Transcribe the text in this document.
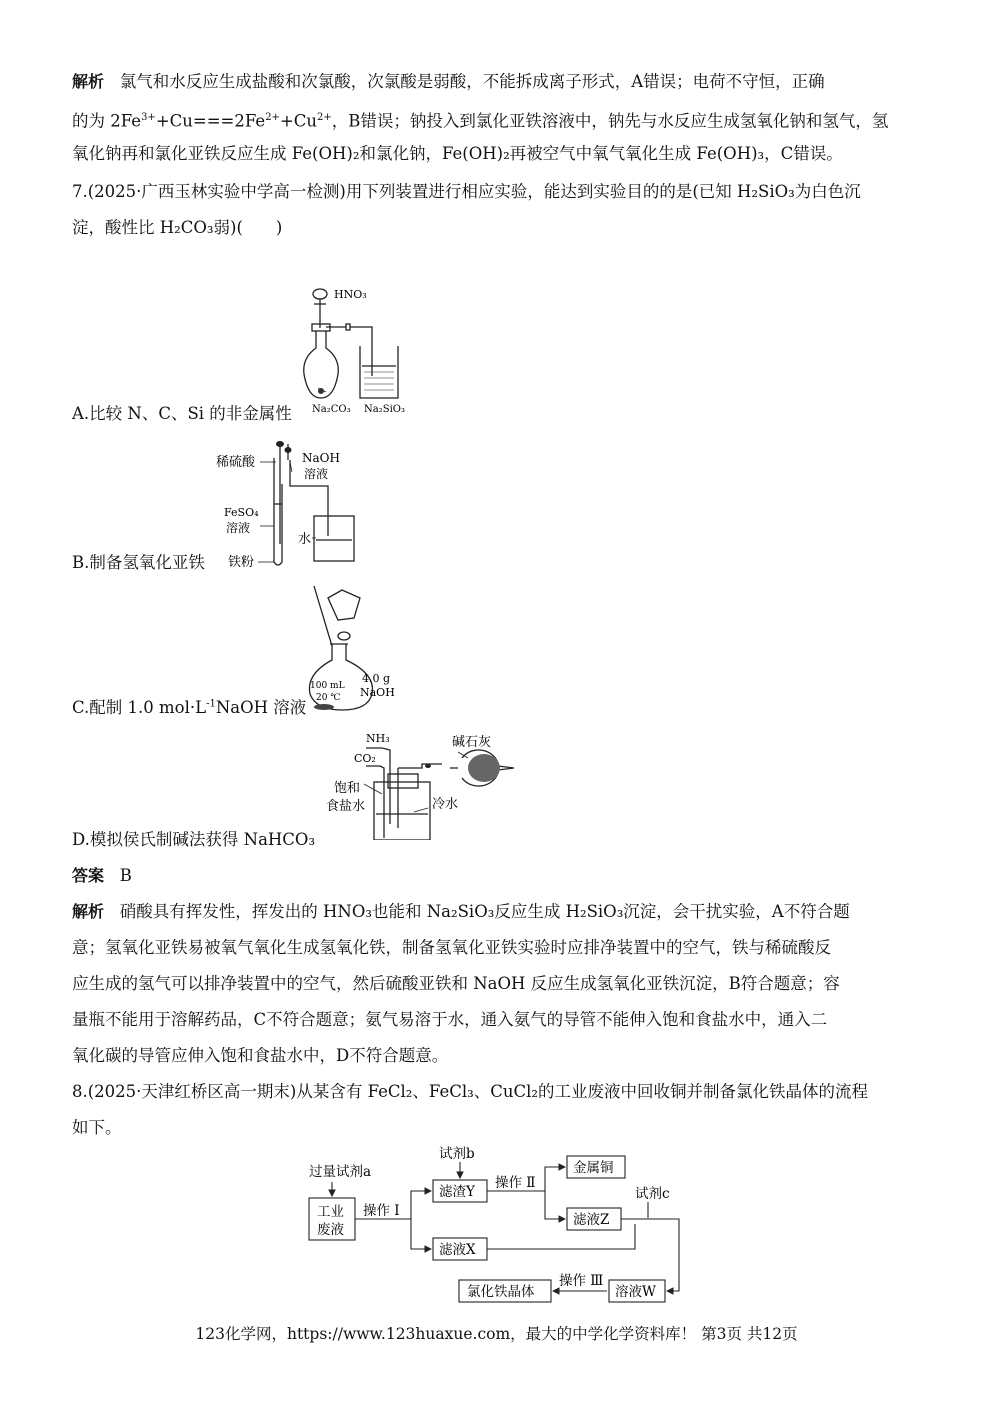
解析 氯气和水反应生成盐酸和次氯酸，次氯酸是弱酸，不能拆成离子形式，A错误；电荷不守恒，正确

的为 $2Fe^{3+}+Cu===2Fe^{2+}+Cu^{2+}$，B错误；钠投入到氯化亚铁溶液中，钠先与水反应生成氢氧化钠和氢气，氢

氧化钠再和氯化亚铁反应生成 Fe(OH)₂和氯化钠，Fe(OH)₂再被空气中氧气氧化生成 Fe(OH)₃，C错误。

7.(2025·广西玉林实验中学高一检测)用下列装置进行相应实验，能达到实验目的的是(已知 H₂SiO₃为白色沉

淀，酸性比 H₂CO₃弱)(　　)

HNO₃
Na₂CO₃ Na₂SiO₃
A.比较 N、C、Si 的非金属性
稀硫酸	NaOH
溶液
FeSO₄
溶液
铁粉
水
B.制备氢氧化亚铁
100 mL
20 ℃
4.0 g
NaOH
C.配制 1.0 $mol\cdot L^{-1}NaOH$ 溶液
NH₃
CO₂
碱石灰
饱和
食盐水	冷水
D.模拟侯氏制碱法获得 NaHCO₃

答案 B

解析 硝酸具有挥发性，挥发出的 HNO₃也能和 Na₂SiO₃反应生成 H₂SiO₃沉淀，会干扰实验，A不符合题

意；氢氧化亚铁易被氧气氧化生成氢氧化铁，制备氢氧化亚铁实验时应排净装置中的空气，铁与稀硫酸反

应生成的氢气可以排净装置中的空气，然后硫酸亚铁和 NaOH 反应生成氢氧化亚铁沉淀，B符合题意；容

量瓶不能用于溶解药品，C不符合题意；氨气易溶于水，通入氨气的导管不能伸入饱和食盐水中，通入二

氧化碳的导管应伸入饱和食盐水中，D不符合题意。

8.(2025·天津红桥区高一期末)从某含有 FeCl₂、FeCl₃、CuCl₂的工业废液中回收铜并制备氯化铁晶体的流程

如下。

过量试剂a
工业
废液
操作 I
试剂b
滤渣Y
操作 Ⅱ
金属铜
滤液Z
试剂c
滤液X
溶液W
操作 Ⅲ
氯化铁晶体
123化学网，https://www.123huaxue.com，最大的中学化学资料库！ 第3页 共12页
